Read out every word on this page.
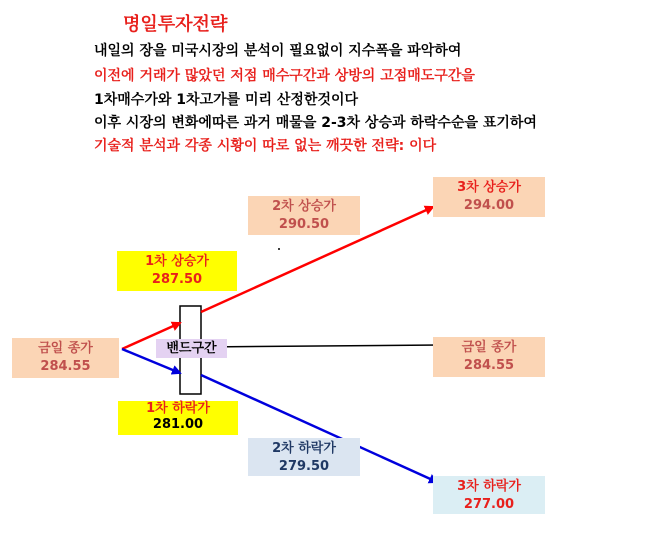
명일투자전략
내일의 장을 미국시장의 분석이 필요없이 지수폭을 파악하여
이전에 거래가 많았던 저점 매수구간과 상방의 고점매도구간을
1차매수가와 1차고가를 미리 산정한것이다
이후 시장의 변화에따른 과거 매물을 2-3차 상승과 하락수순을 표기하여
기술적 분석과 각종 시황이 따로 없는 깨끗한 전략: 이다
밴드구간
금일 종가
284.55
1차 상승가
287.50
2차 상승가
290.50
3차 상승가
294.00
금일 종가
284.55
1차 하락가
281.00
2차 하락가
279.50
3차 하락가
277.00
